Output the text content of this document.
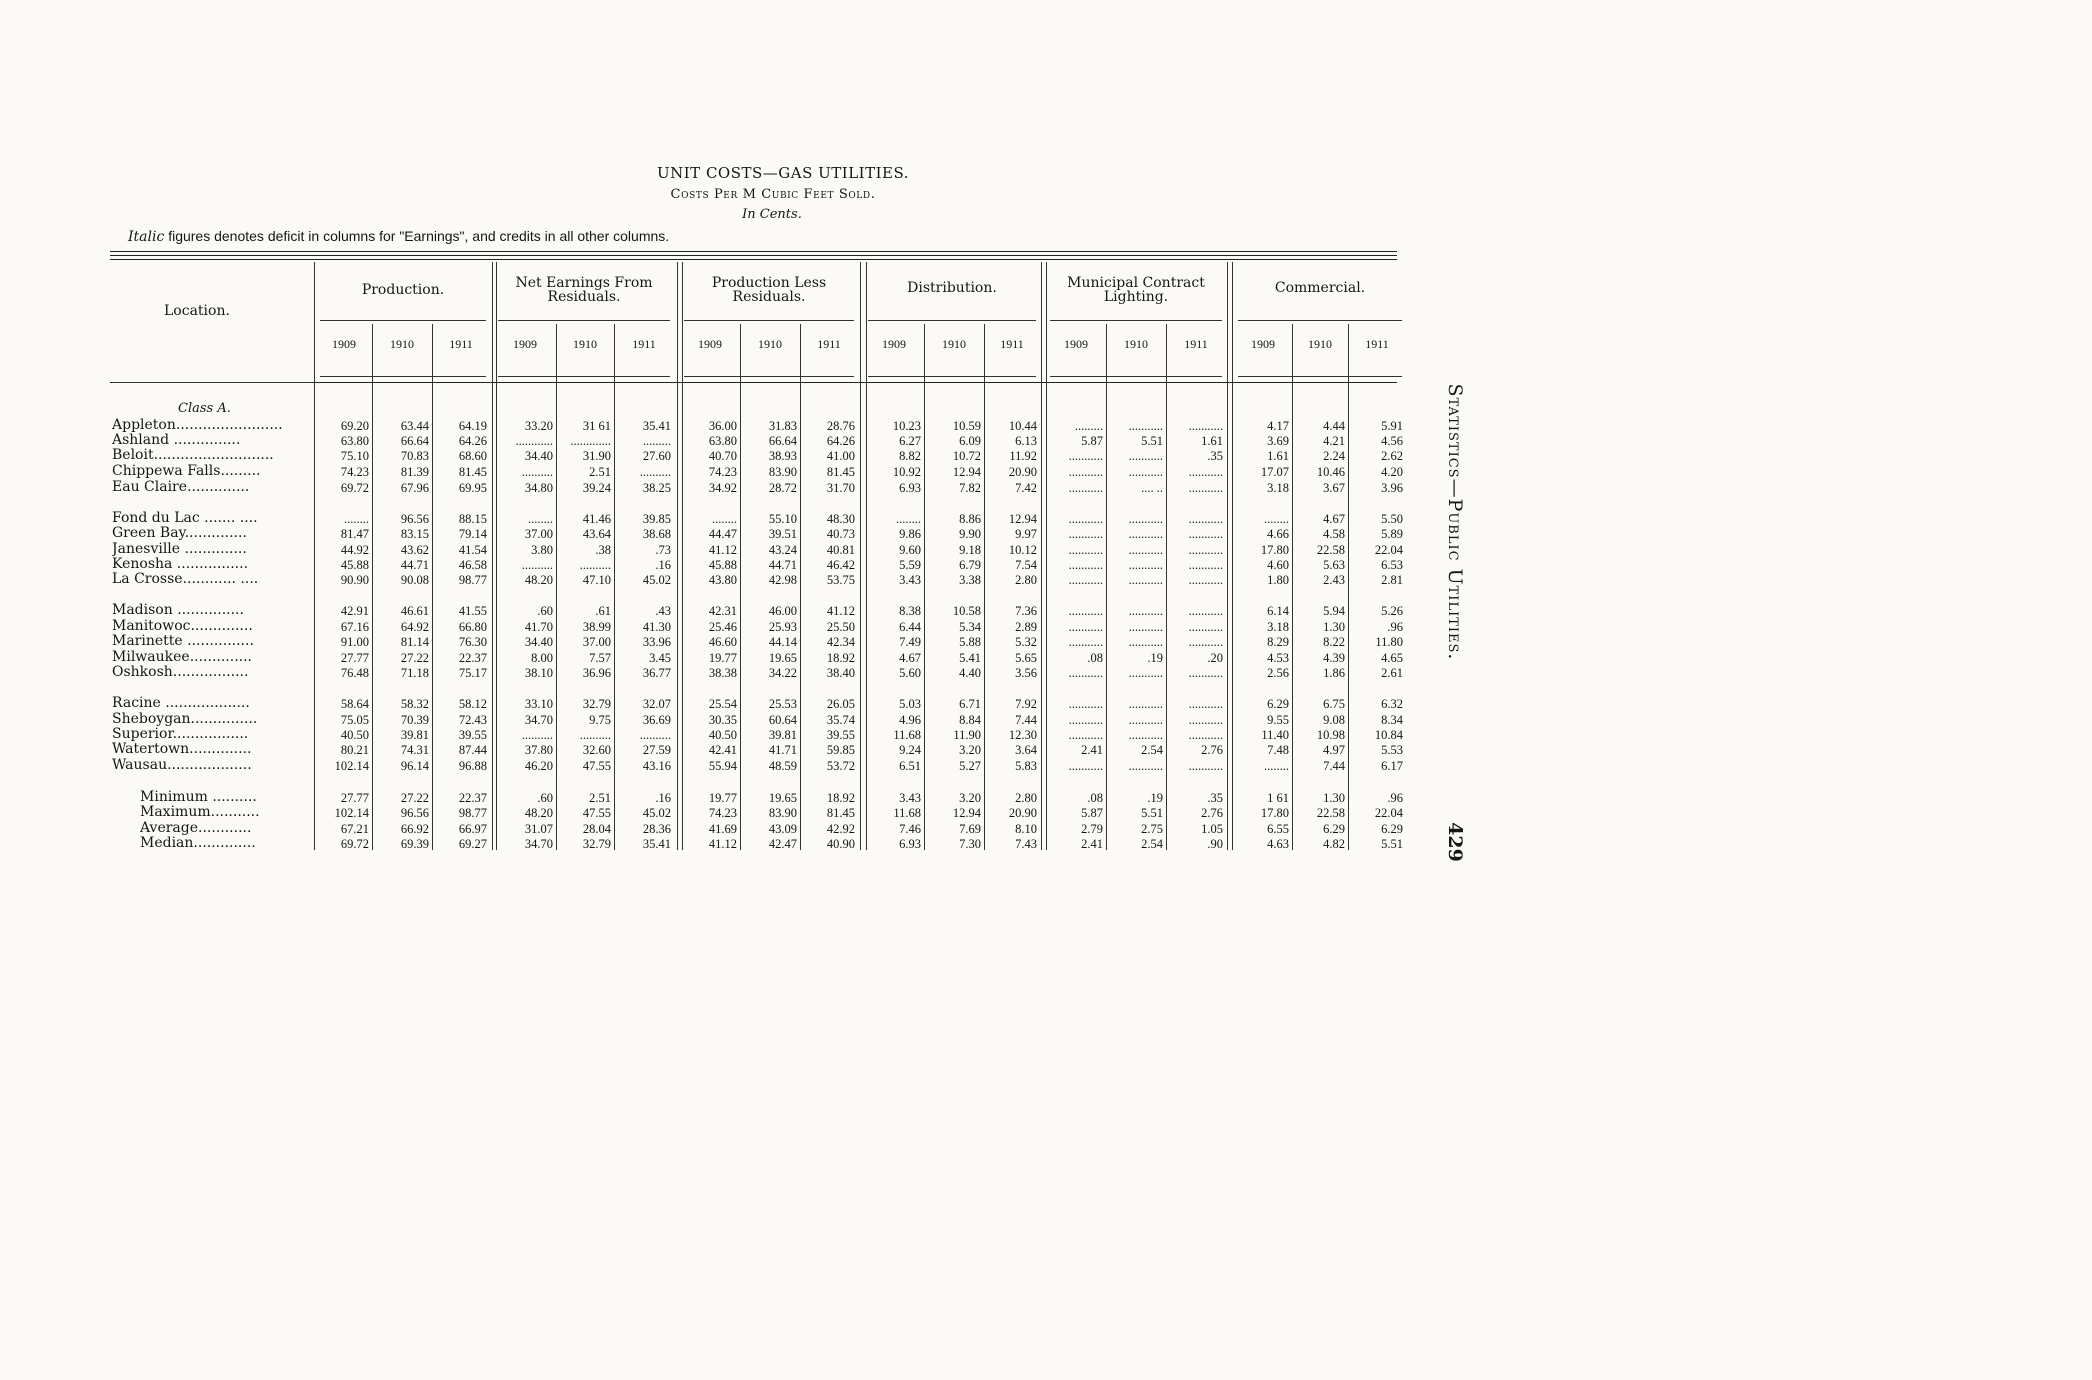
UNIT COSTS—GAS UTILITIES.
Costs Per M Cubic Feet Sold.
In Cents.
Italic figures denotes deficit in columns for "Earnings", and credits in all other columns.
Production.
1909	1910	1911
Net Earnings From Residuals.
1909	1910	1911
Production Less Residuals.
1909	1910	1911
Distribution.
1909	1910	1911
Municipal Contract Lighting.
1909	1910	1911
Commercial.
1909	1910	1911
Location.
Class A.
Appleton........................	69.20	63.44	64.19	33.20	31 61	35.41	36.00	31.83	28.76	10.23	10.59	10.44	.........	...........	...........	4.17	4.44	5.91
Ashland ...............	63.80	66.64	64.26	............	.............	.........	63.80	66.64	64.26	6.27	6.09	6.13	5.87	5.51	1.61	3.69	4.21	4.56
Beloit...........................	75.10	70.83	68.60	34.40	31.90	27.60	40.70	38.93	41.00	8.82	10.72	11.92	...........	...........	.35	1.61	2.24	2.62
Chippewa Falls.........	74.23	81.39	81.45	..........	2.51	..........	74.23	83.90	81.45	10.92	12.94	20.90	...........	...........	...........	17.07	10.46	4.20
Eau Claire..............	69.72	67.96	69.95	34.80	39.24	38.25	34.92	28.72	31.70	6.93	7.82	7.42	...........	.... ..	...........	3.18	3.67	3.96
Fond du Lac ....... ....	........	96.56	88.15	........	41.46	39.85	........	55.10	48.30	........	8.86	12.94	...........	...........	...........	........	4.67	5.50
Green Bay..............	81.47	83.15	79.14	37.00	43.64	38.68	44.47	39.51	40.73	9.86	9.90	9.97	...........	...........	...........	4.66	4.58	5.89
Janesville ..............	44.92	43.62	41.54	3.80	.38	.73	41.12	43.24	40.81	9.60	9.18	10.12	...........	...........	...........	17.80	22.58	22.04
Kenosha ................	45.88	44.71	46.58	..........	..........	.16	45.88	44.71	46.42	5.59	6.79	7.54	...........	...........	...........	4.60	5.63	6.53
La Crosse............ ....	90.90	90.08	98.77	48.20	47.10	45.02	43.80	42.98	53.75	3.43	3.38	2.80	...........	...........	...........	1.80	2.43	2.81
Madison ...............	42.91	46.61	41.55	.60	.61	.43	42.31	46.00	41.12	8.38	10.58	7.36	...........	...........	...........	6.14	5.94	5.26
Manitowoc..............	67.16	64.92	66.80	41.70	38.99	41.30	25.46	25.93	25.50	6.44	5.34	2.89	...........	...........	...........	3.18	1.30	.96
Marinette ...............	91.00	81.14	76.30	34.40	37.00	33.96	46.60	44.14	42.34	7.49	5.88	5.32	...........	...........	...........	8.29	8.22	11.80
Milwaukee..............	27.77	27.22	22.37	8.00	7.57	3.45	19.77	19.65	18.92	4.67	5.41	5.65	.08	.19	.20	4.53	4.39	4.65
Oshkosh.................	76.48	71.18	75.17	38.10	36.96	36.77	38.38	34.22	38.40	5.60	4.40	3.56	...........	...........	...........	2.56	1.86	2.61
Racine ...................	58.64	58.32	58.12	33.10	32.79	32.07	25.54	25.53	26.05	5.03	6.71	7.92	...........	...........	...........	6.29	6.75	6.32
Sheboygan...............	75.05	70.39	72.43	34.70	9.75	36.69	30.35	60.64	35.74	4.96	8.84	7.44	...........	...........	...........	9.55	9.08	8.34
Superior.................	40.50	39.81	39.55	..........	..........	..........	40.50	39.81	39.55	11.68	11.90	12.30	...........	...........	...........	11.40	10.98	10.84
Watertown..............	80.21	74.31	87.44	37.80	32.60	27.59	42.41	41.71	59.85	9.24	3.20	3.64	2.41	2.54	2.76	7.48	4.97	5.53
Wausau...................	102.14	96.14	96.88	46.20	47.55	43.16	55.94	48.59	53.72	6.51	5.27	5.83	...........	...........	...........	........	7.44	6.17
Minimum ..........	27.77	27.22	22.37	.60	2.51	.16	19.77	19.65	18.92	3.43	3.20	2.80	.08	.19	.35	1 61	1.30	.96
Maximum...........	102.14	96.56	98.77	48.20	47.55	45.02	74.23	83.90	81.45	11.68	12.94	20.90	5.87	5.51	2.76	17.80	22.58	22.04
Average............	67.21	66.92	66.97	31.07	28.04	28.36	41.69	43.09	42.92	7.46	7.69	8.10	2.79	2.75	1.05	6.55	6.29	6.29
Median..............	69.72	69.39	69.27	34.70	32.79	35.41	41.12	42.47	40.90	6.93	7.30	7.43	2.41	2.54	.90	4.63	4.82	5.51
Statistics—Public Utilities.
429
